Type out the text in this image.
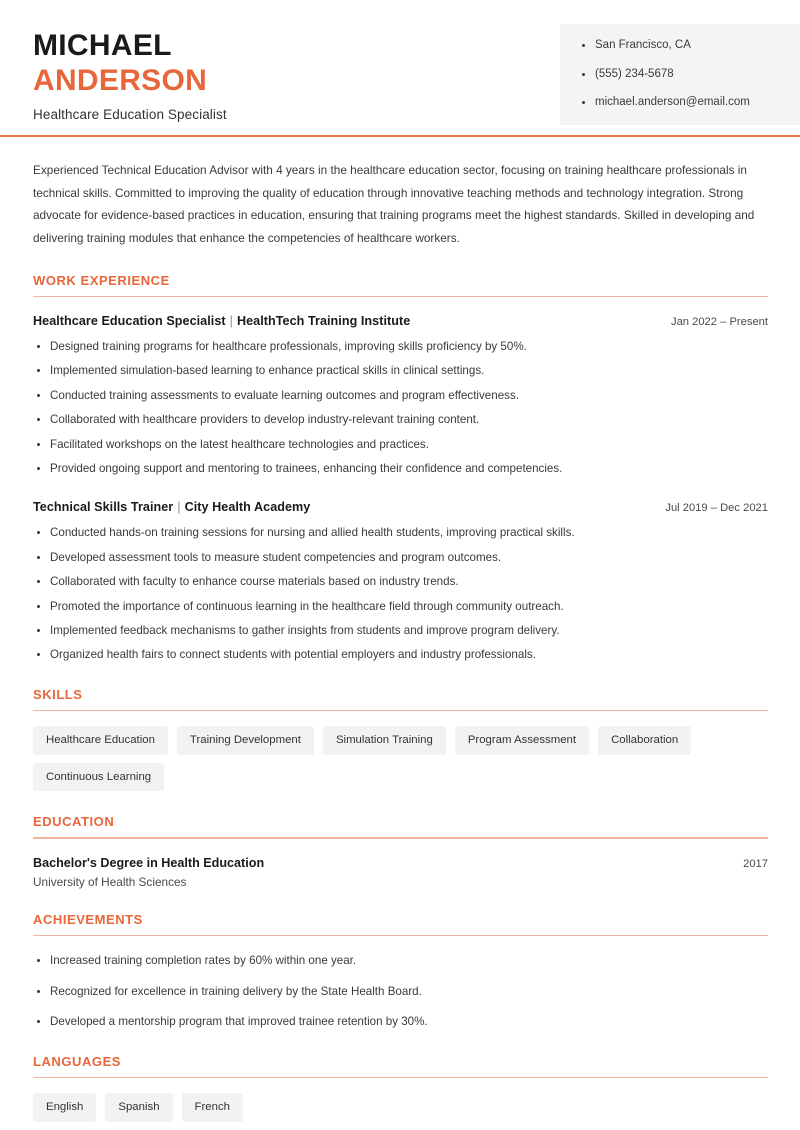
MICHAEL
ANDERSON
Healthcare Education Specialist
San Francisco, CA
(555) 234-5678
michael.anderson@email.com

Experienced Technical Education Advisor with 4 years in the healthcare education sector, focusing on training healthcare professionals in technical skills. Committed to improving the quality of education through innovative teaching methods and technology integration. Strong advocate for evidence-based practices in education, ensuring that training programs meet the highest standards. Skilled in developing and delivering training modules that enhance the competencies of healthcare workers.

WORK EXPERIENCE
Healthcare Education Specialist | HealthTech Training Institute	Jan 2022 – Present
Designed training programs for healthcare professionals, improving skills proficiency by 50%.
Implemented simulation-based learning to enhance practical skills in clinical settings.
Conducted training assessments to evaluate learning outcomes and program effectiveness.
Collaborated with healthcare providers to develop industry-relevant training content.
Facilitated workshops on the latest healthcare technologies and practices.
Provided ongoing support and mentoring to trainees, enhancing their confidence and competencies.
Technical Skills Trainer | City Health Academy	Jul 2019 – Dec 2021
Conducted hands-on training sessions for nursing and allied health students, improving practical skills.
Developed assessment tools to measure student competencies and program outcomes.
Collaborated with faculty to enhance course materials based on industry trends.
Promoted the importance of continuous learning in the healthcare field through community outreach.
Implemented feedback mechanisms to gather insights from students and improve program delivery.
Organized health fairs to connect students with potential employers and industry professionals.
SKILLS
Healthcare Education	Training Development	Simulation Training	Program Assessment	Collaboration
Continuous Learning
EDUCATION
Bachelor's Degree in Health Education	2017
University of Health Sciences
ACHIEVEMENTS
Increased training completion rates by 60% within one year.
Recognized for excellence in training delivery by the State Health Board.
Developed a mentorship program that improved trainee retention by 30%.
LANGUAGES
English	Spanish	French
